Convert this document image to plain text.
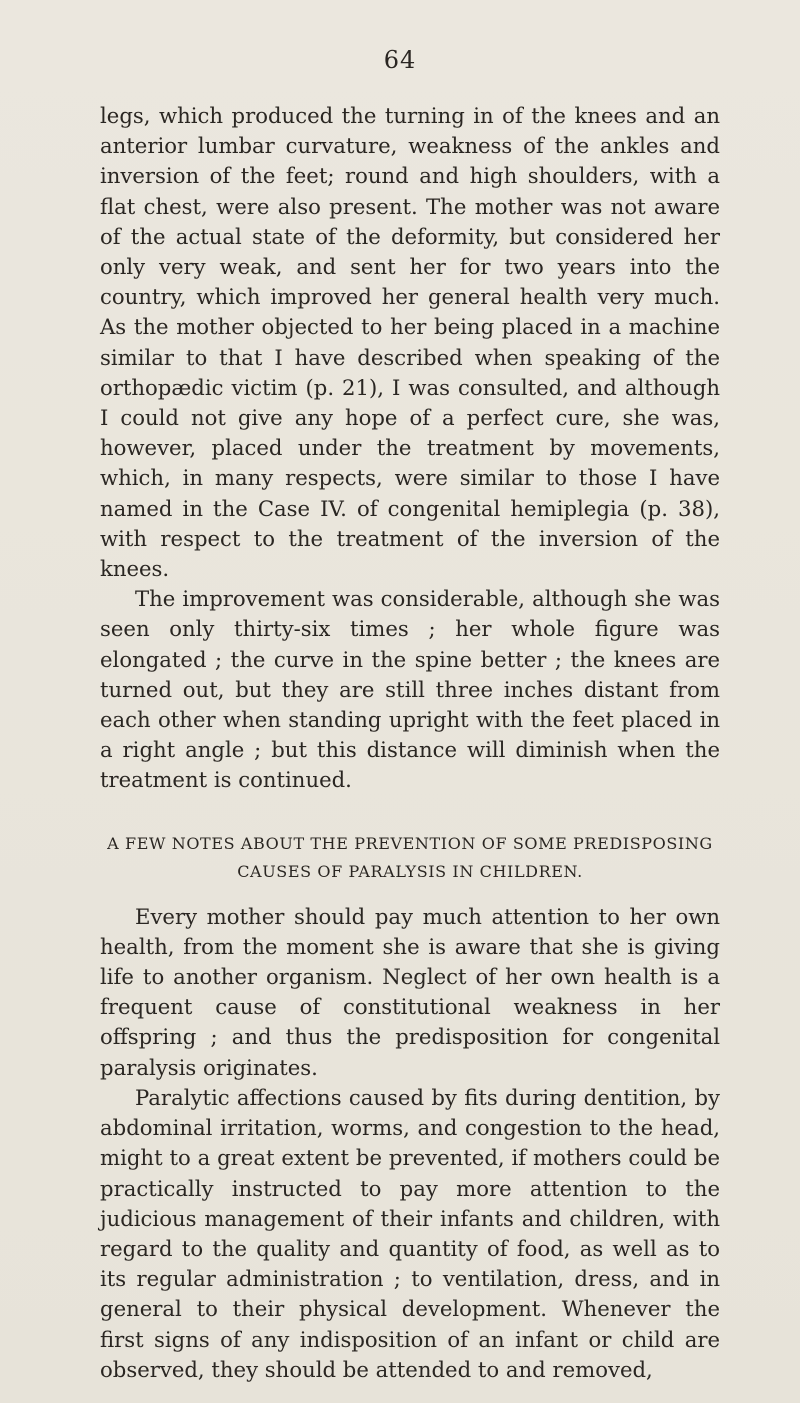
64

legs, which produced the turning in of the knees and an anterior lumbar curvature, weakness of the ankles and inversion of the feet; round and high shoulders, with a flat chest, were also present. The mother was not aware of the actual state of the deformity, but considered her only very weak, and sent her for two years into the country, which improved her general health very much. As the mother objected to her being placed in a machine similar to that I have described when speaking of the orthopædic victim (p. 21), I was consulted, and although I could not give any hope of a perfect cure, she was, however, placed under the treatment by movements, which, in many respects, were similar to those I have named in the Case IV. of congenital hemiplegia (p. 38), with respect to the treatment of the inversion of the knees.

The improvement was considerable, although she was seen only thirty-six times ; her whole figure was elongated ; the curve in the spine better ; the knees are turned out, but they are still three inches distant from each other when standing upright with the feet placed in a right angle ; but this distance will diminish when the treatment is continued.

A FEW NOTES ABOUT THE PREVENTION OF SOME PREDISPOSING
CAUSES OF PARALYSIS IN CHILDREN.

Every mother should pay much attention to her own health, from the moment she is aware that she is giving life to another organism. Neglect of her own health is a frequent cause of constitutional weakness in her offspring ; and thus the predisposition for congenital paralysis originates.

Paralytic affections caused by fits during dentition, by abdominal irritation, worms, and congestion to the head, might to a great extent be prevented, if mothers could be practically instructed to pay more attention to the judicious management of their infants and children, with regard to the quality and quantity of food, as well as to its regular administration ; to ventilation, dress, and in general to their physical development. Whenever the first signs of any indisposition of an infant or child are observed, they should be attended to and removed,
